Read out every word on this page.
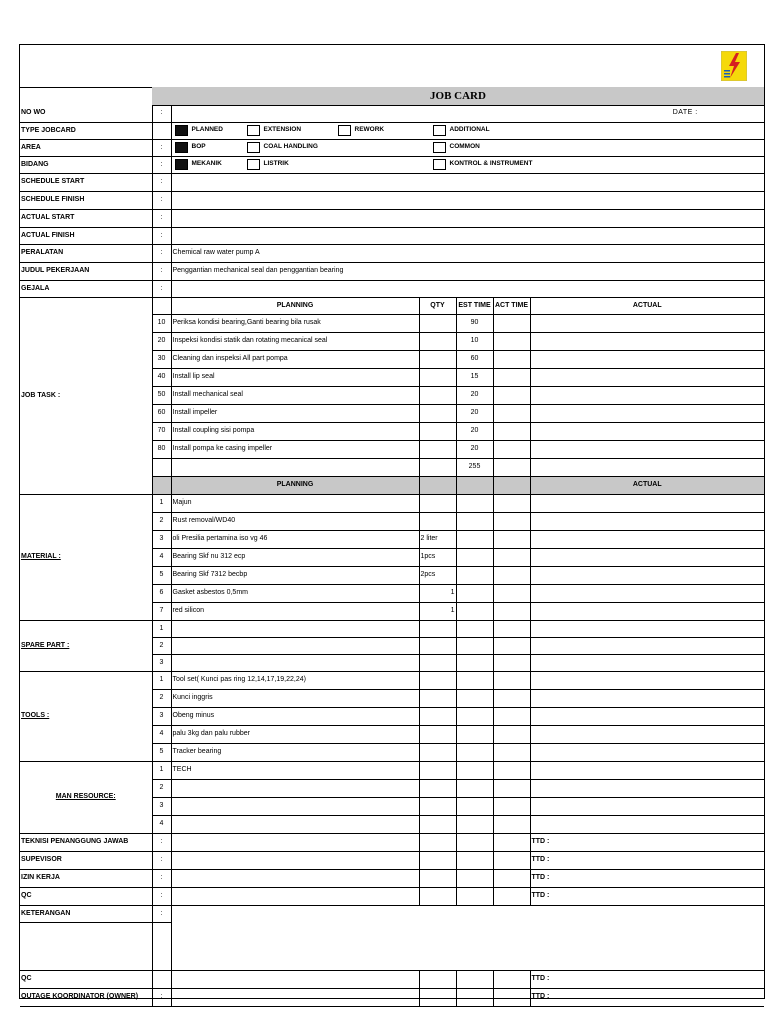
JOB CARD
NO WO	:	DATE :				
TYPE JOBCARD		PLANNED EXTENSION REWORK ADDITIONAL				

AREA	:	BOP COAL HANDLING COMMON				

BIDANG	:	MEKANIK LISTRIK KONTROL & INSTRUMENT				

SCHEDULE START	:					
SCHEDULE FINISH	:					
ACTUAL START	:					
ACTUAL FINISH	:					
PERALATAN	:	Chemical raw water pump A				
JUDUL PEKERJAAN	:	Penggantian mechanical seal dan penggantian bearing				
GEJALA	:					
JOB TASK :		PLANNING	QTY	EST TIME	ACT TIME	ACTUAL
	10	Periksa kondisi bearing,Ganti bearing bila rusak		90		
	20	Inspeksi kondisi statik dan rotating mecanical seal		10		
	30	Cleaning dan inspeksi All part pompa		60		
	40	Install lip seal		15		
	50	Install mechanical seal		20		
	60	Install impeller		20		
	70	Install coupling sisi pompa		20		
	80	Install pompa ke casing impeller		20		
				255		
		PLANNING				ACTUAL
MATERIAL :	1	Majun				
	2	Rust removal/WD40				
	3	oli Presilia pertamina iso vg 46	2 liter			
	4	Bearing Skf nu 312 ecp	1pcs			
	5	Bearing Skf 7312 becbp	2pcs			
	6	Gasket asbestos 0,5mm	1			
	7	red silicon	1			
SPARE PART :	1					
	2					
	3					
TOOLS :	1	Tool set( Kunci pas ring 12,14,17,19,22,24)				
	2	Kunci inggris				
	3	Obeng minus				
	4	palu 3kg dan palu rubber				
	5	Tracker bearing				
MAN RESOURCE:	1	TECH				
	2					
	3					
	4					
TEKNISI PENANGGUNG JAWAB	:					TTD :
SUPEVISOR	:					TTD :
IZIN KERJA	:					TTD :
QC	:					TTD :
KETERANGAN	:					

QC						TTD :
OUTAGE KOORDINATOR (OWNER)	:					TTD :
